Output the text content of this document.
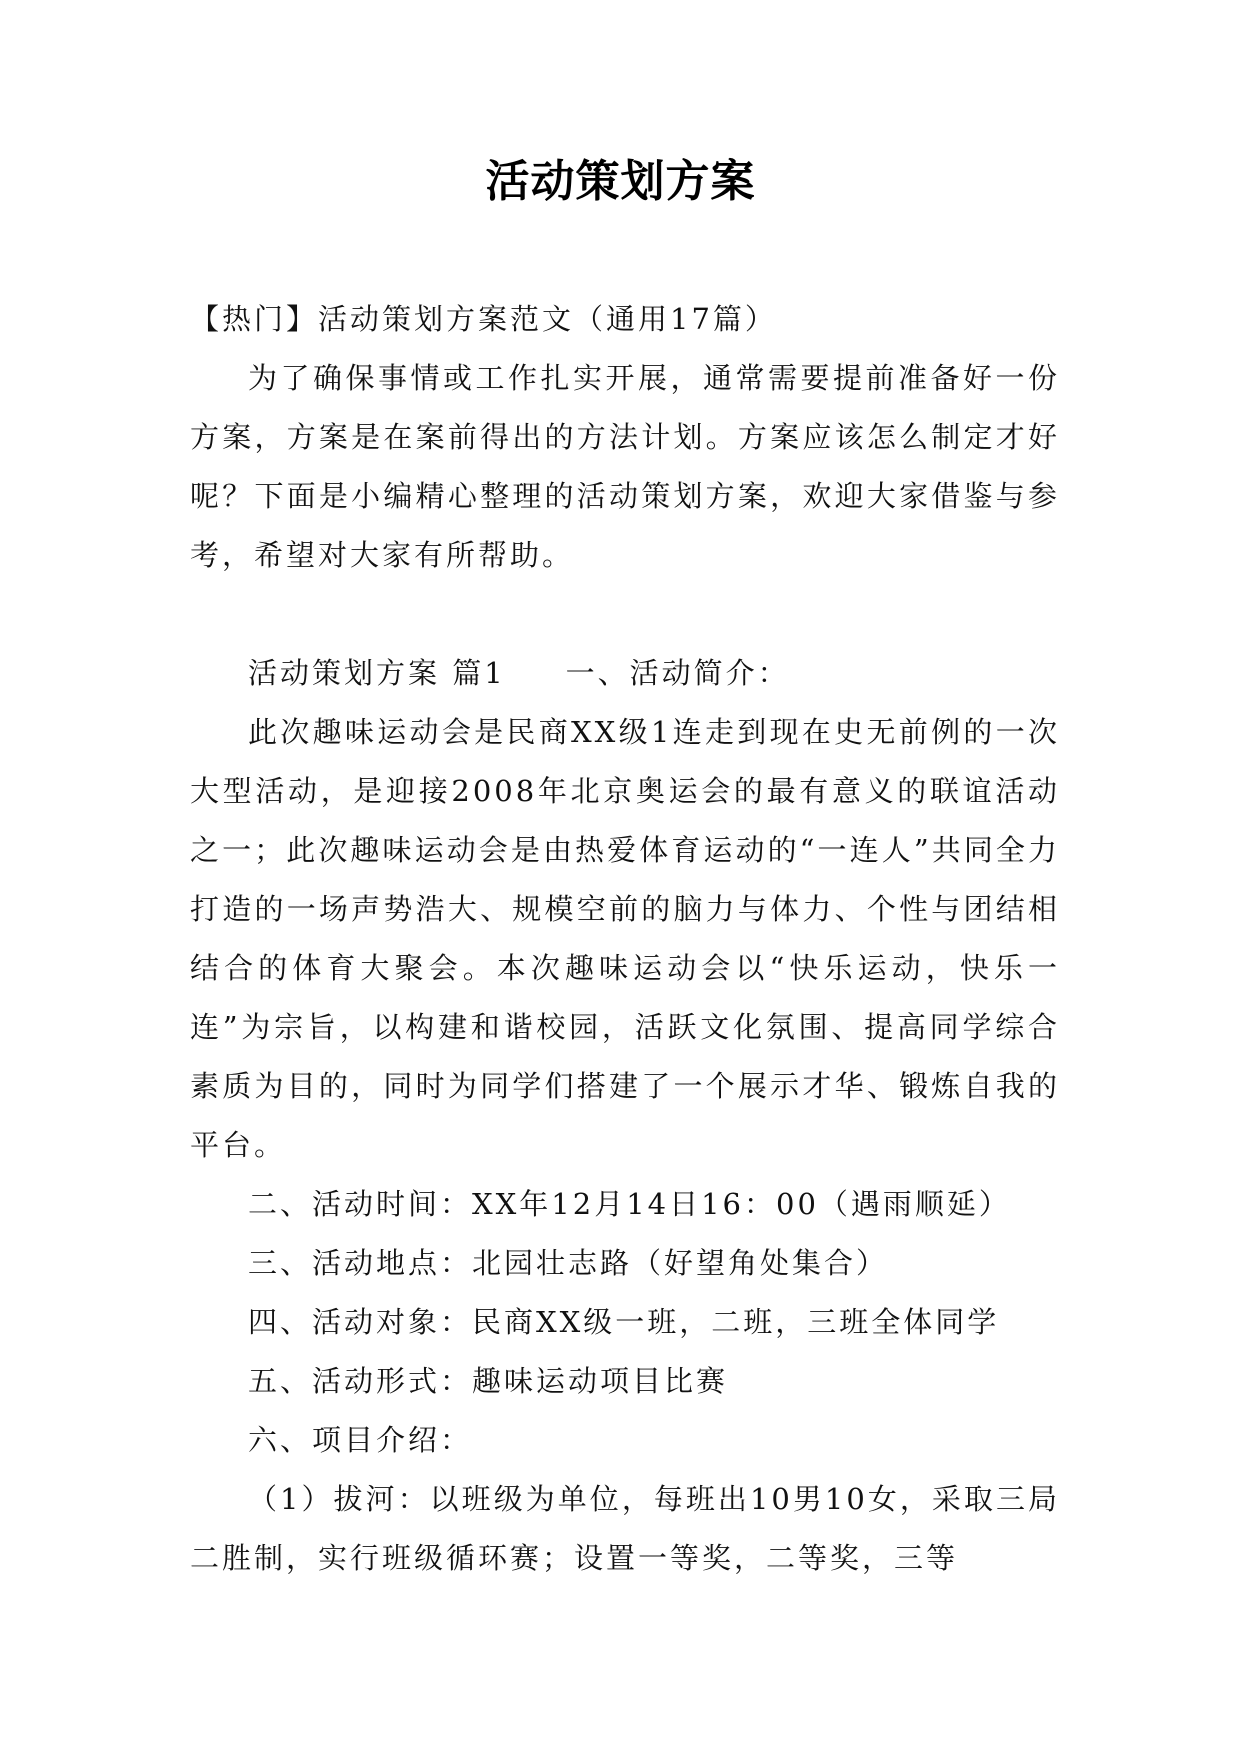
活动策划方案

【热门】活动策划方案范文（通用17篇）

为了确保事情或工作扎实开展，通常需要提前准备好一份方案，方案是在案前得出的方法计划。方案应该怎么制定才好呢？下面是小编精心整理的活动策划方案，欢迎大家借鉴与参考，希望对大家有所帮助。

活动策划方案 篇1 一、活动简介：

此次趣味运动会是民商XX级1连走到现在史无前例的一次大型活动，是迎接2008年北京奥运会的最有意义的联谊活动之一；此次趣味运动会是由热爱体育运动的“一连人”共同全力打造的一场声势浩大、规模空前的脑力与体力、个性与团结相结合的体育大聚会。本次趣味运动会以“快乐运动，快乐一连”为宗旨，以构建和谐校园，活跃文化氛围、提高同学综合素质为目的，同时为同学们搭建了一个展示才华、锻炼自我的平台。

二、活动时间：XX年12月14日16：00（遇雨顺延）

三、活动地点：北园壮志路（好望角处集合）

四、活动对象：民商XX级一班，二班，三班全体同学

五、活动形式：趣味运动项目比赛

六、项目介绍：

（1）拔河：以班级为单位，每班出10男10女，采取三局二胜制，实行班级循环赛；设置一等奖，二等奖，三等
